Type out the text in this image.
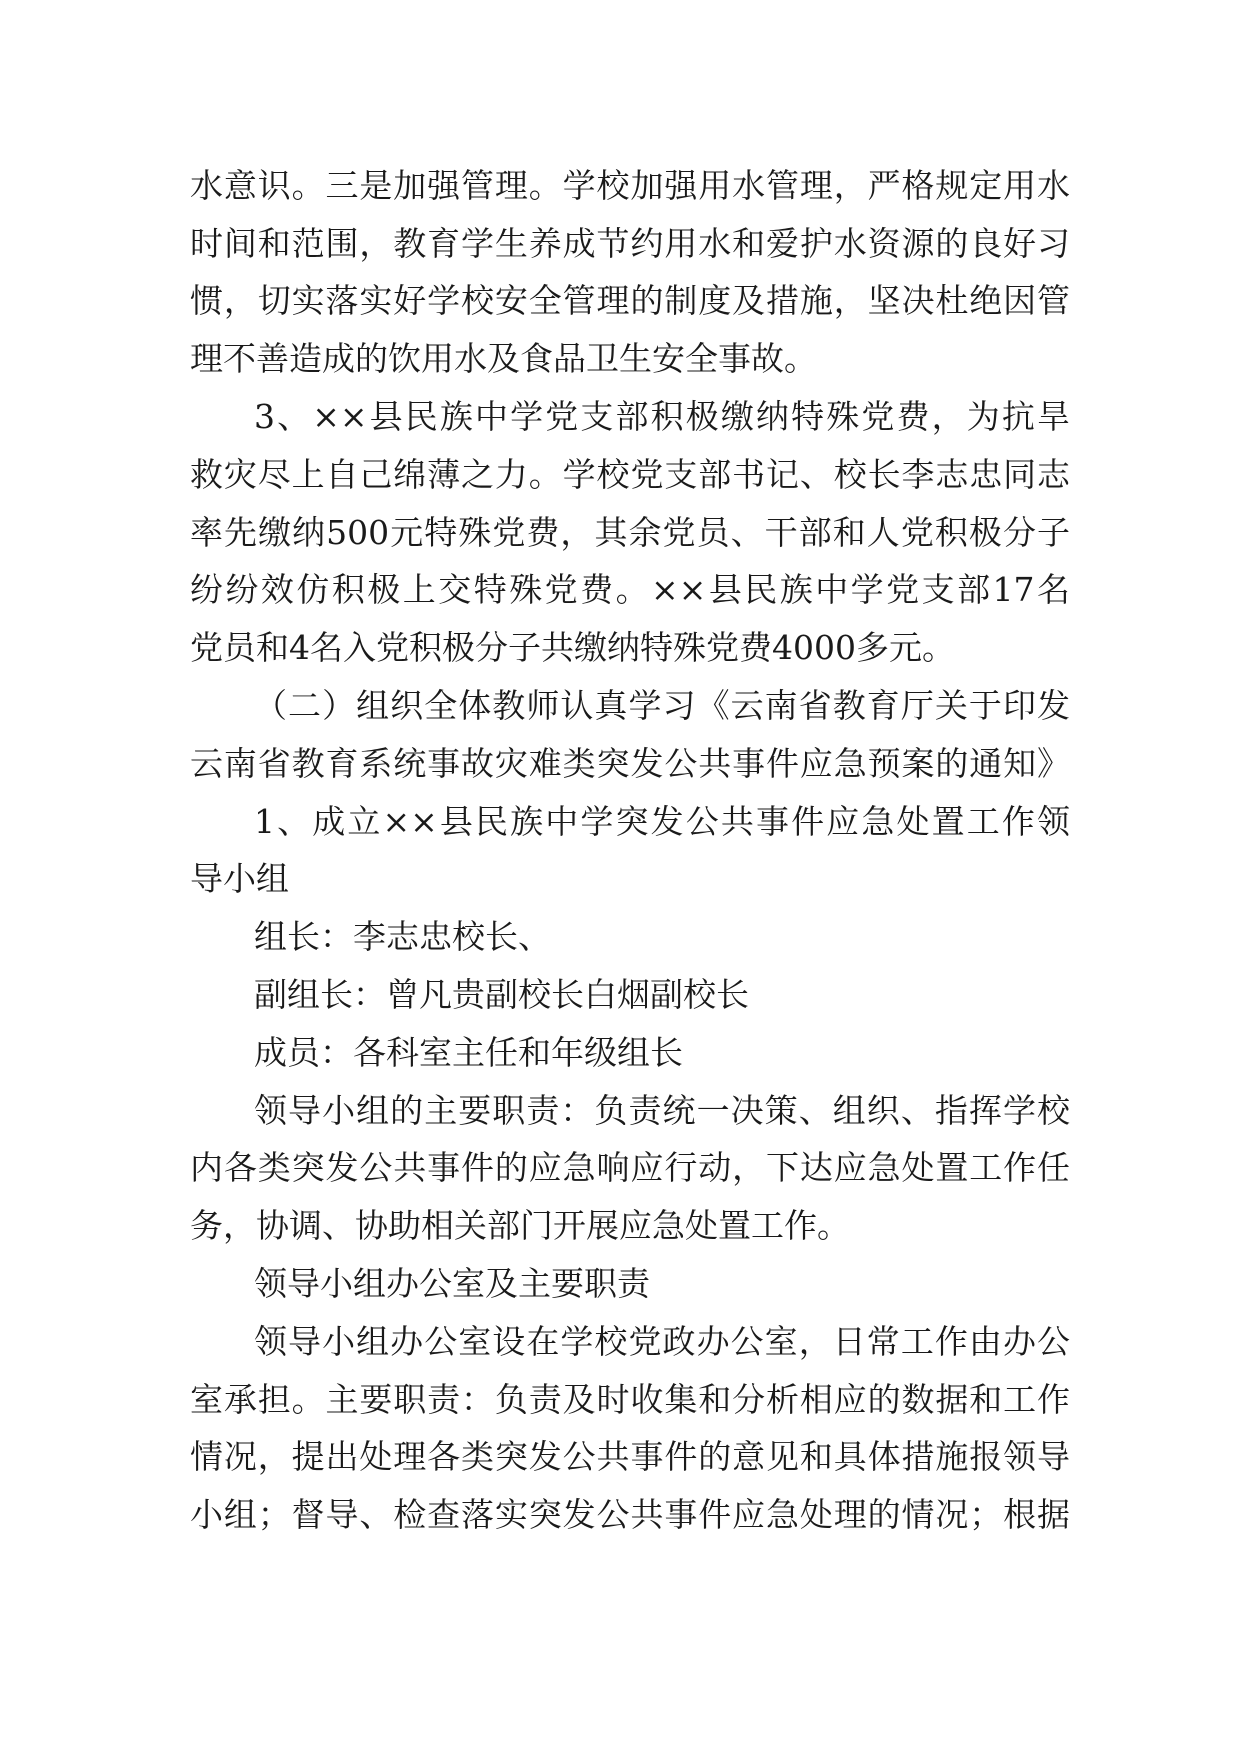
水意识。三是加强管理。学校加强用水管理，严格规定用水
时间和范围，教育学生养成节约用水和爱护水资源的良好习
惯，切实落实好学校安全管理的制度及措施，坚决杜绝因管
理不善造成的饮用水及食品卫生安全事故。
3、××县民族中学党支部积极缴纳特殊党费，为抗旱
救灾尽上自己绵薄之力。学校党支部书记、校长李志忠同志
率先缴纳500元特殊党费，其余党员、干部和人党积极分子
纷纷效仿积极上交特殊党费。××县民族中学党支部17名
党员和4名入党积极分子共缴纳特殊党费4000多元。
（二）组织全体教师认真学习《云南省教育厅关于印发
云南省教育系统事故灾难类突发公共事件应急预案的通知》
1、成立××县民族中学突发公共事件应急处置工作领
导小组
组长：李志忠校长、
副组长：曾凡贵副校长白烟副校长
成员：各科室主任和年级组长
领导小组的主要职责：负责统一决策、组织、指挥学校
内各类突发公共事件的应急响应行动，下达应急处置工作任
务，协调、协助相关部门开展应急处置工作。
领导小组办公室及主要职责
领导小组办公室设在学校党政办公室，日常工作由办公
室承担。主要职责：负责及时收集和分析相应的数据和工作
情况，提出处理各类突发公共事件的意见和具体措施报领导
小组；督导、检查落实突发公共事件应急处理的情况；根据
